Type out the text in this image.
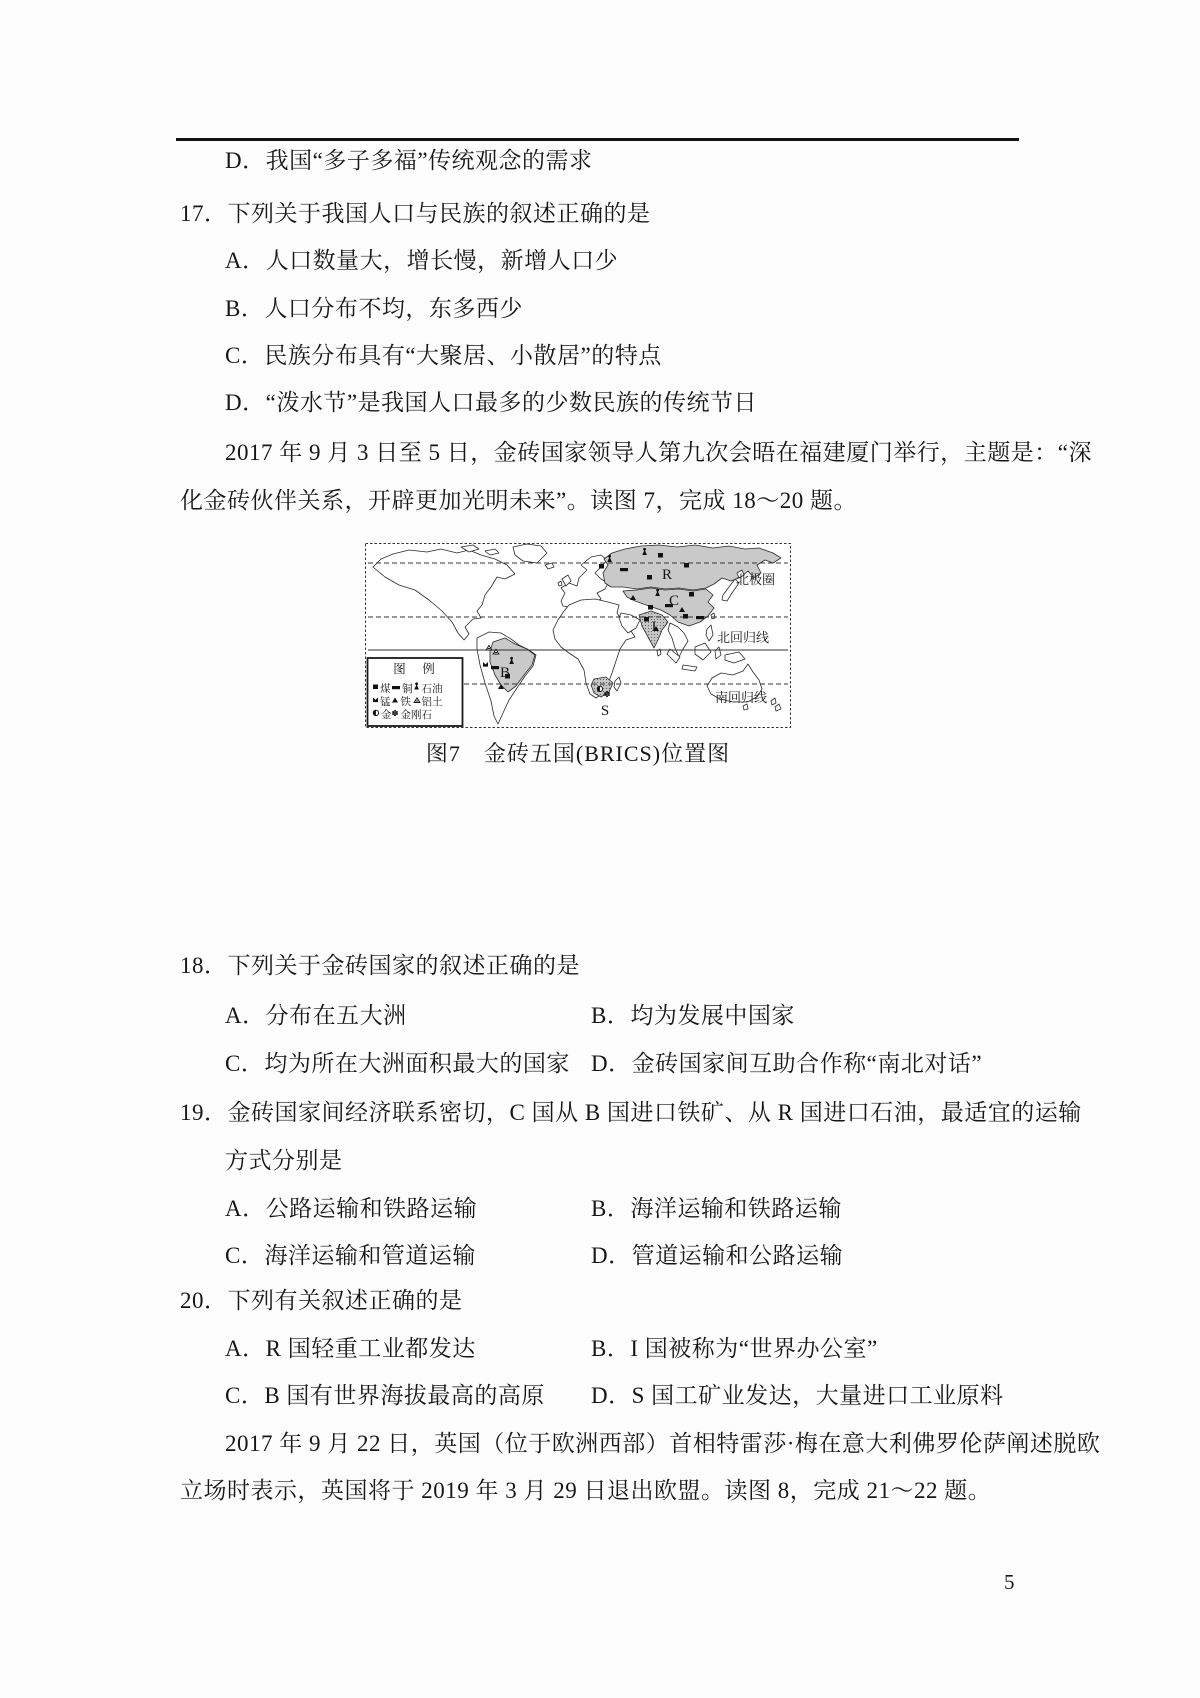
D．我国“多子多福”传统观念的需求
17．下列关于我国人口与民族的叙述正确的是
A．人口数量大，增长慢，新增人口少
B．人口分布不均，东多西少
C．民族分布具有“大聚居、小散居”的特点
D．“泼水节”是我国人口最多的少数民族的传统节日
2017 年 9 月 3 日至 5 日，金砖国家领导人第九次会晤在福建厦门举行，主题是：“深
化金砖伙伴关系，开辟更加光明未来”。读图 7，完成 18～20 题。
北极圈
北回归线
南回归线
R
C
I
B
S
图　例
煤 铜 石油
锰 铁 铝土
金 金刚石
图7　金砖五国(BRICS)位置图
18．下列关于金砖国家的叙述正确的是
A．分布在五大洲	B．均为发展中国家
C．均为所在大洲面积最大的国家 D．金砖国家间互助合作称“南北对话”
19．金砖国家间经济联系密切，C 国从 B 国进口铁矿、从 R 国进口石油，最适宜的运输
方式分别是
A．公路运输和铁路运输	B．海洋运输和铁路运输
C．海洋运输和管道运输	D．管道运输和公路运输
20．下列有关叙述正确的是
A．R 国轻重工业都发达	B．I 国被称为“世界办公室”
C．B 国有世界海拔最高的高原 D．S 国工矿业发达，大量进口工业原料
2017 年 9 月 22 日，英国（位于欧洲西部）首相特雷莎·梅在意大利佛罗伦萨阐述脱欧
立场时表示，英国将于 2019 年 3 月 29 日退出欧盟。读图 8，完成 21～22 题。
5
